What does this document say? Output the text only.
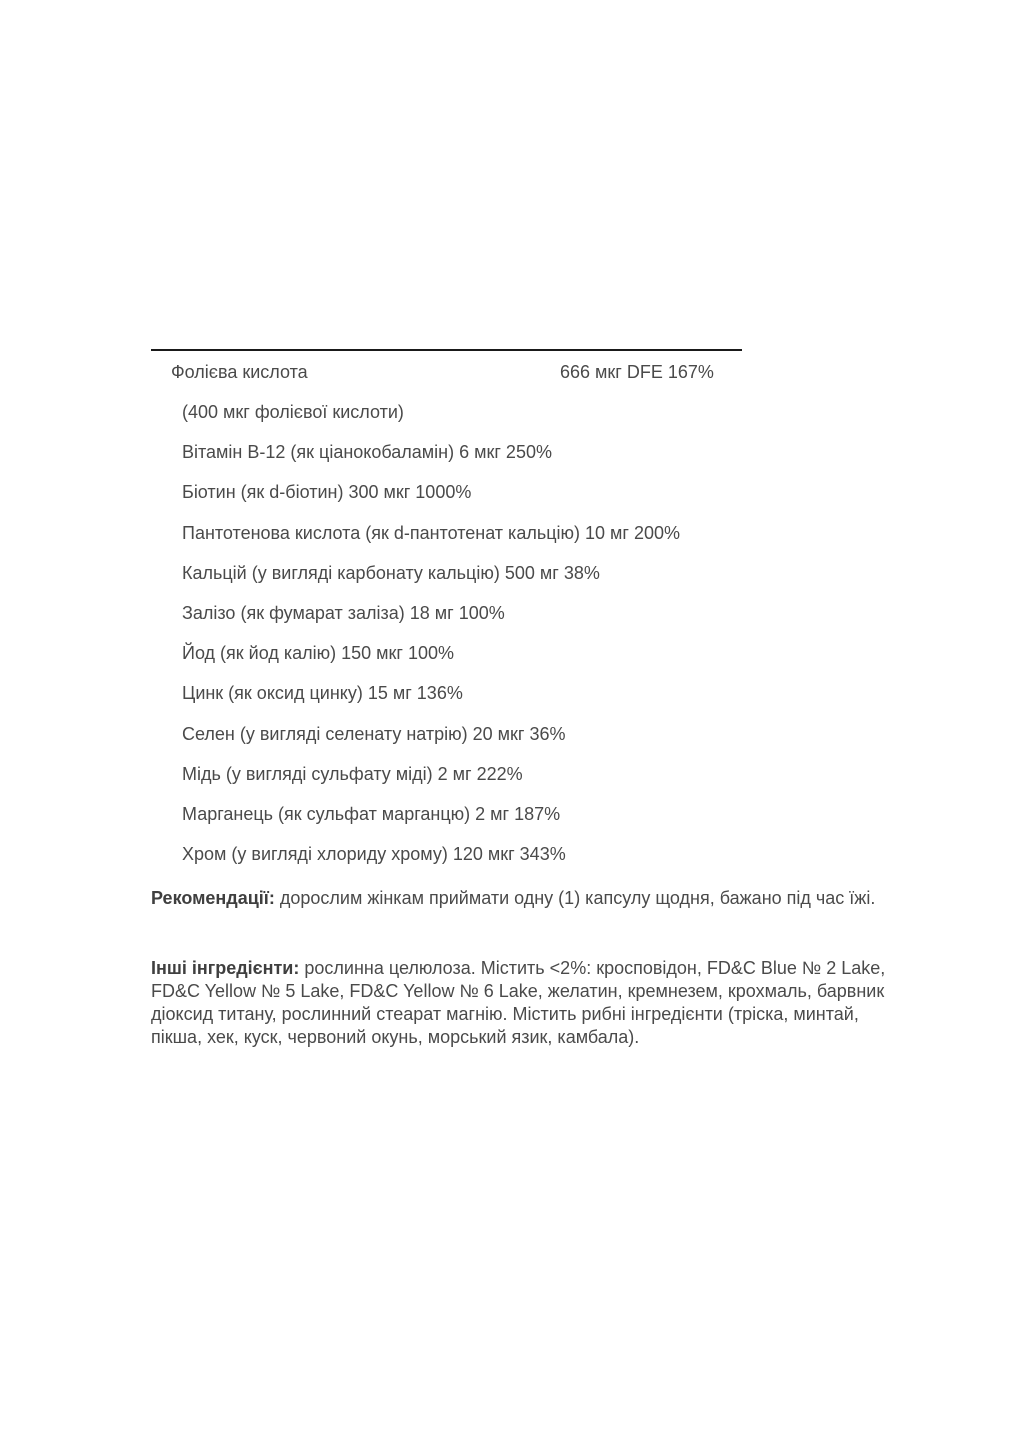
Фолієва кислота	666 мкг DFE 167%
(400 мкг фолієвої кислоти)
Вітамін B-12 (як ціанокобаламін) 6 мкг 250%
Біотин (як d-біотин) 300 мкг 1000%
Пантотенова кислота (як d-пантотенат кальцію) 10 мг 200%
Кальцій (у вигляді карбонату кальцію) 500 мг 38%
Залізо (як фумарат заліза) 18 мг 100%
Йод (як йод калію) 150 мкг 100%
Цинк (як оксид цинку) 15 мг 136%
Селен (у вигляді селенату натрію) 20 мкг 36%
Мідь (у вигляді сульфату міді) 2 мг 222%
Марганець (як сульфат марганцю) 2 мг 187%
Хром (у вигляді хлориду хрому) 120 мкг 343%

Рекомендації: дорослим жінкам приймати одну (1) капсулу щодня, бажано під час їжі.

Інші інгредієнти: рослинна целюлоза. Містить <2%: кросповідон, FD&C Blue № 2 Lake, FD&C Yellow № 5 Lake, FD&C Yellow № 6 Lake, желатин, кремнезем, крохмаль, барвник діоксид титану, рослинний стеарат магнію. Містить рибні інгредієнти (тріска, минтай, пікша, хек, куск, червоний окунь, морський язик, камбала).
